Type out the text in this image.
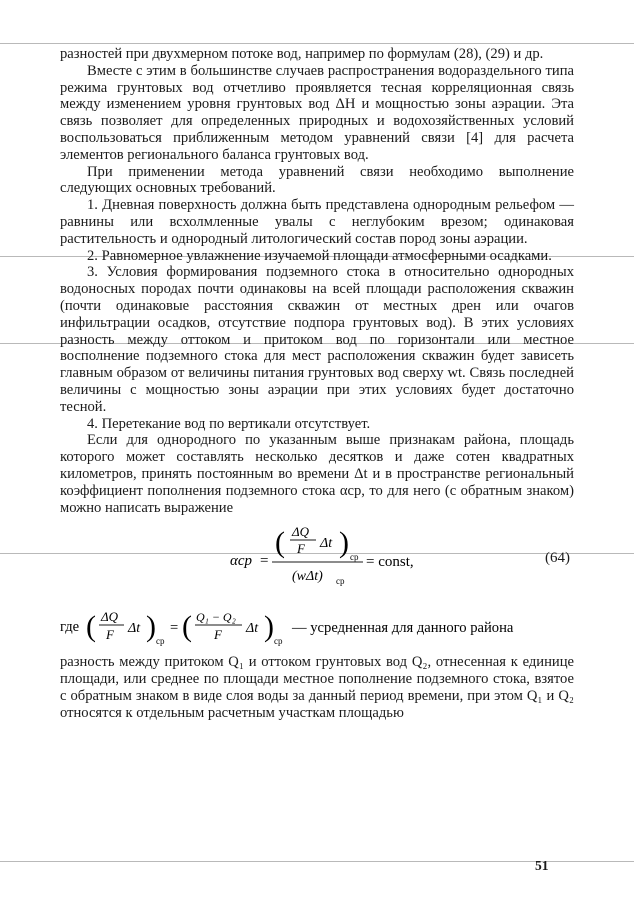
разностей при двухмерном потоке вод, например по формулам (28), (29) и др.

Вместе с этим в большинстве случаев распространения водораздельного типа режима грунтовых вод отчетливо проявляется тесная корреляционная связь между изменением уровня грунтовых вод ΔH и мощностью зоны аэрации. Эта связь позволяет для определенных природных и водохозяйственных условий воспользоваться приближенным методом уравнений связи [4] для расчета элементов регионального баланса грунтовых вод.

При применении метода уравнений связи необходимо выполнение следующих основных требований.

1. Дневная поверхность должна быть представлена однородным рельефом — равнины или всхолмленные увалы с неглубоким врезом; одинаковая растительность и однородный литологический состав пород зоны аэрации.

2. Равномерное увлажнение изучаемой площади атмосферными осадками.

3. Условия формирования подземного стока в относительно однородных водоносных породах почти одинаковы на всей площади расположения скважин (почти одинаковые расстояния скважин от местных дрен или очагов инфильтрации осадков, отсутствие подпора грунтовых вод). В этих условиях разность между оттоком и притоком вод по горизонтали или местное восполнение подземного стока для мест расположения скважин будет зависеть главным образом от величины питания грунтовых вод сверху wt. Связь последней величины с мощностью зоны аэрации при этих условиях будет достаточно тесной.

4. Перетекание вод по вертикали отсутствует.

Если для однородного по указанным выше признакам района, площадь которого может составлять несколько десятков и даже сотен квадратных километров, принять постоянным во времени Δt и в пространстве региональный коэффициент пополнения подземного стока αср, то для него (с обратным знаком) можно написать выражение

αср =
( ΔQ
F Δt ) ср
(wΔt) ср
= const,	(64)
где ( ΔQ
F Δt ) ср
= ( Q₁ − Q₂
F Δt ) ср
— усредненная для данного района

разность между притоком Q₁ и оттоком грунтовых вод Q₂, отнесенная к единице площади, или среднее по площади местное пополнение подземного стока, взятое с обратным знаком в виде слоя воды за данный период времени, при этом Q₁ и Q₂ относятся к отдельным расчетным участкам площадью

51
